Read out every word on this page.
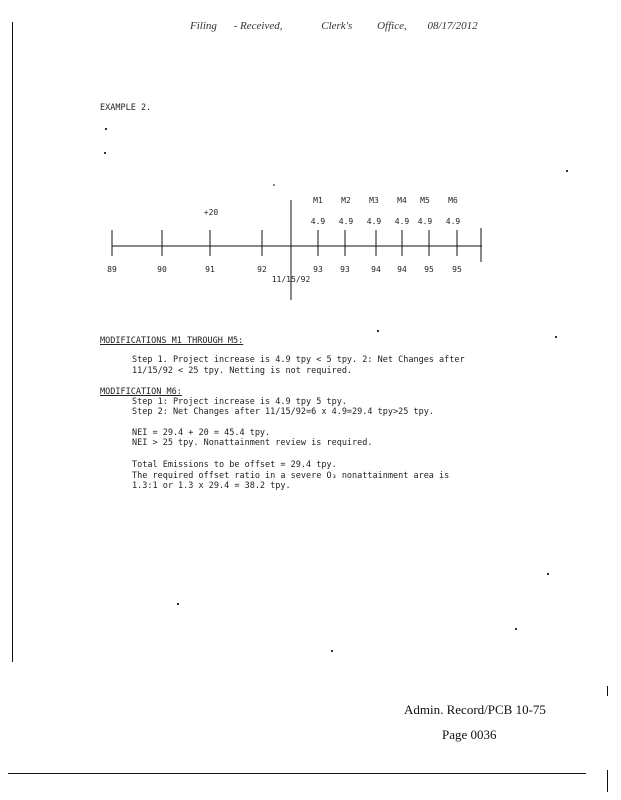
Filing - Received,	Clerk's Office, 08/17/2012
EXAMPLE 2.
89	90	91	92	93 93	94 94 95 95
11/15/92
+20
M1
4.9
M2
4.9
M3
4.9
M4
4.9
M5
4.9
M6
4.9
MODIFICATIONS M1 THROUGH M5:
Step 1. Project increase is 4.9 tpy < 5 tpy. 2: Net Changes after
11/15/92 < 25 tpy. Netting is not required.
MODIFICATION M6:
Step 1: Project increase is 4.9 tpy 5 tpy.
Step 2: Net Changes after 11/15/92=6 x 4.9=29.4 tpy>25 tpy.
NEI = 29.4 + 20 = 45.4 tpy.
NEI > 25 tpy. Nonattainment review is required.
Total Emissions to be offset = 29.4 tpy.
The required offset ratio in a severe O₃ nonattainment area is
1.3:1 or 1.3 x 29.4 = 38.2 tpy.
Admin. Record/PCB 10-75
Page 0036
